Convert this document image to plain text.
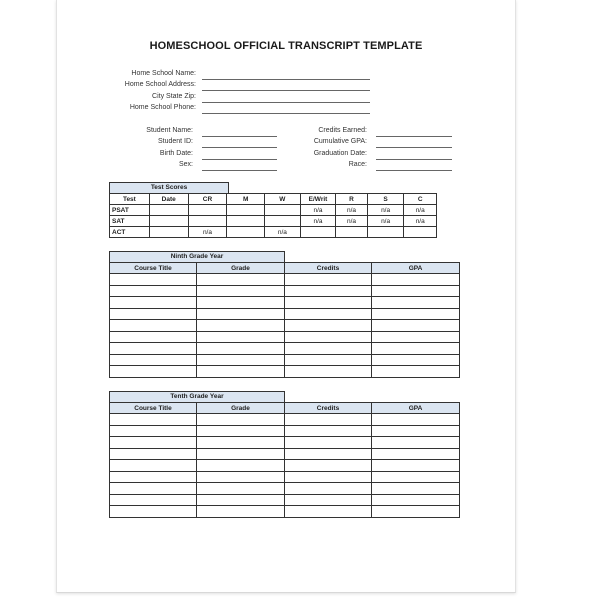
HOMESCHOOL OFFICIAL TRANSCRIPT TEMPLATE
Home School Name:
Home School Address:
City State Zip:
Home School Phone:
Student Name:
Student ID:
Birth Date:
Sex:
Credits Earned:
Cumulative GPA:
Graduation Date:
Race:
Test Scores
Test	Date	CR	M	W	E/Writ	R	S	C
PSAT					n/a	n/a	n/a	n/a
SAT					n/a	n/a	n/a	n/a
ACT		n/a		n/a				
Ninth Grade Year
Course Title	Grade	Credits	GPA

Tenth Grade Year
Course Title	Grade	Credits	GPA
